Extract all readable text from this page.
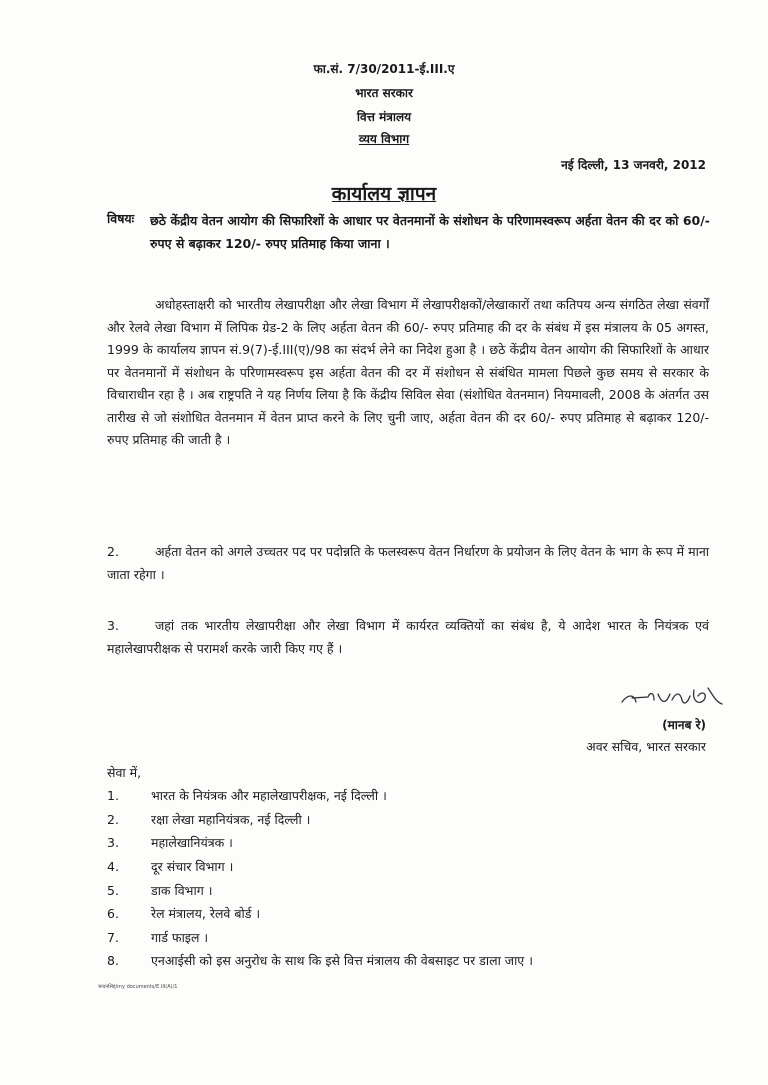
फा.सं. 7/30/2011-ई.III.ए
भारत सरकार
वित्त मंत्रालय
व्यय विभाग
नई दिल्ली, 13 जनवरी, 2012
कार्यालय ज्ञापन
विषयः छठे केंद्रीय वेतन आयोग की सिफारिशों के आधार पर वेतनमानों के संशोधन के परिणामस्वरूप अर्हता वेतन की दर को 60/- रुपए से बढ़ाकर 120/- रुपए प्रतिमाह किया जाना ।
अधोहस्ताक्षरी को भारतीय लेखापरीक्षा और लेखा विभाग में लेखापरीक्षकों/लेखाकारों तथा कतिपय अन्य संगठित लेखा संवर्गों और रेलवे लेखा विभाग में लिपिक ग्रेड-2 के लिए अर्हता वेतन की 60/- रुपए प्रतिमाह की दर के संबंध में इस मंत्रालय के 05 अगस्त, 1999 के कार्यालय ज्ञापन सं.9(7)-ई.III(ए)/98 का संदर्भ लेने का निदेश हुआ है । छठे केंद्रीय वेतन आयोग की सिफारिशों के आधार पर वेतनमानों में संशोधन के परिणामस्वरूप इस अर्हता वेतन की दर में संशोधन से संबंधित मामला पिछले कुछ समय से सरकार के विचाराधीन रहा है । अब राष्ट्रपति ने यह निर्णय लिया है कि केंद्रीय सिविल सेवा (संशोधित वेतनमान) नियमावली, 2008 के अंतर्गत उस तारीख से जो संशोधित वेतनमान में वेतन प्राप्त करने के लिए चुनी जाए, अर्हता वेतन की दर 60/- रुपए प्रतिमाह से बढ़ाकर 120/- रुपए प्रतिमाह की जाती है ।
2.	अर्हता वेतन को अगले उच्चतर पद पर पदोन्नति के फलस्वरूप वेतन निर्धारण के प्रयोजन के लिए वेतन के भाग के रूप में माना जाता रहेगा ।
3.	जहां तक भारतीय लेखापरीक्षा और लेखा विभाग में कार्यरत व्यक्तियों का संबंध है, ये आदेश भारत के नियंत्रक एवं महालेखापरीक्षक से परामर्श करके जारी किए गए हैं ।
(मानब रे)
अवर सचिव, भारत सरकार
सेवा में,
1.	भारत के नियंत्रक और महालेखापरीक्षक, नई दिल्ली ।
2.	रक्षा लेखा महानियंत्रक, नई दिल्ली ।
3.	महालेखानियंत्रक ।
4.	दूर संचार विभाग ।
5.	डाक विभाग ।
6.	रेल मंत्रालय, रेलवे बोर्ड ।
7.	गार्ड फाइल ।
8.	एनआईसी को इस अनुरोध के साथ कि इसे वित्त मंत्रालय की वेबसाइट पर डाला जाए ।
चन्दनसिंह/my documents/E.III(A)/1
